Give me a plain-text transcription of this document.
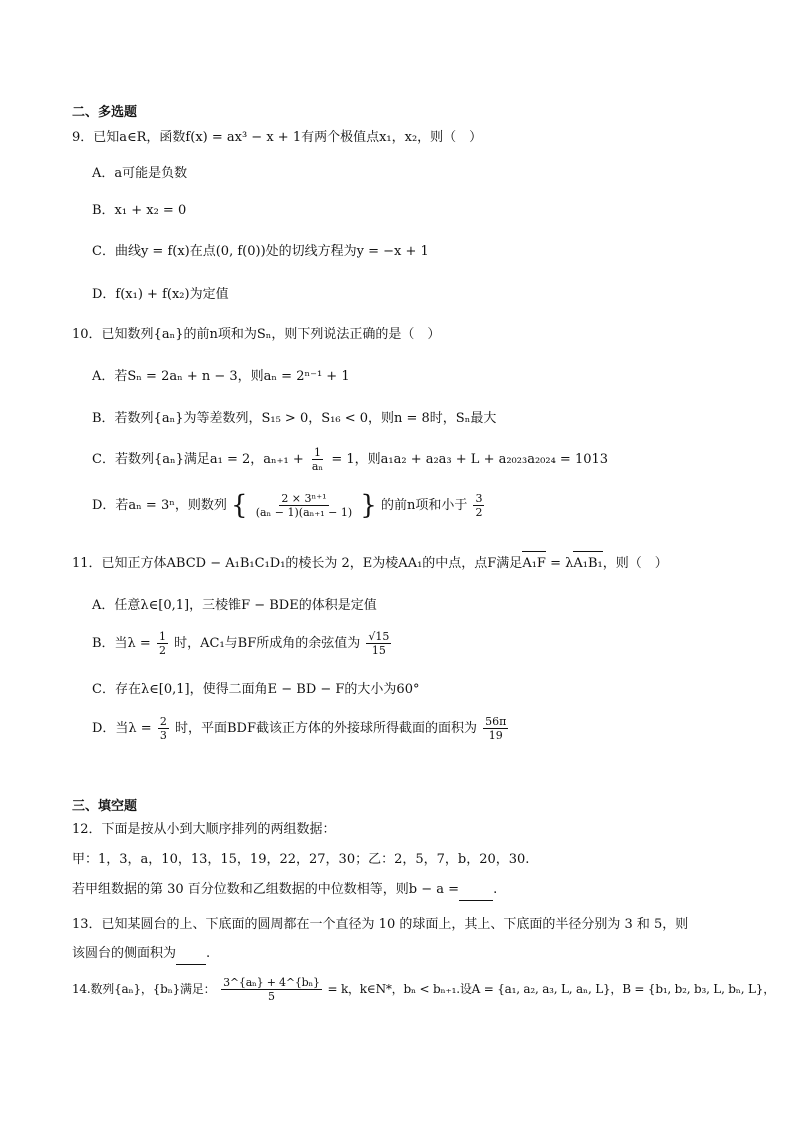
二、多选题
9．已知a∈R，函数f(x) = ax³ − x + 1有两个极值点x₁，x₂，则（　）
A．a可能是负数
B．x₁ + x₂ = 0
C．曲线y = f(x)在点(0, f(0))处的切线方程为y = −x + 1
D．f(x₁) + f(x₂)为定值
10．已知数列{aₙ}的前n项和为Sₙ，则下列说法正确的是（　）
A．若Sₙ = 2aₙ + n − 3，则aₙ = 2ⁿ⁻¹ + 1
B．若数列{aₙ}为等差数列，S₁₅ > 0，S₁₆ < 0，则n = 8时，Sₙ最大
C．若数列{aₙ}满足a₁ = 2，$a_{n+1} + \frac{1}{\text{aₙ}} = 1$，则a₁a₂ + a₂a₃ + L + a₂₀₂₃a₂₀₂₄ = 1013
D．若aₙ = 3ⁿ，则数列 { $\frac{\text{2 × 3ⁿ⁺¹}}{\text{(aₙ − 1)(aₙ₊₁ − 1)}}$ } 的前n项和小于 $\frac{3}{2}$
11．已知正方体ABCD − A₁B₁C₁D₁的棱长为 2，E为棱AA₁的中点，点F满足A₁F = λA₁B₁，则（　）
A．任意λ∈[0,1]，三棱锥F − BDE的体积是定值
B．当$\lambda = \frac{1}{2}$ 时，AC₁与BF所成角的余弦值为 $\frac{√15}{15}$
C．存在λ∈[0,1]，使得二面角E − BD − F的大小为60°
D．当$\lambda = \frac{2}{3}$ 时，平面BDF截该正方体的外接球所得截面的面积为 $\frac{56\pi}{19}$
三、填空题
12．下面是按从小到大顺序排列的两组数据：
甲：1，3，a，10，13，15，19，22，27，30；乙：2，5，7，b，20，30.
若甲组数据的第 30 百分位数和乙组数据的中位数相等，则b − a =	.
13．已知某圆台的上、下底面的圆周都在一个直径为 10 的球面上，其上、下底面的半径分别为 3 和 5，则
该圆台的侧面积为 .
14.数列{aₙ}，{bₙ}满足： $\frac{\text{3\textasciicircum{}\{aₙ\} + 4\textasciicircum{}\{bₙ\}}}{5} = k$，k∈N*，bₙ < bₙ₊₁.设A = {a₁, a₂, a₃, L, aₙ, L}，B = {b₁, b₂, b₃, L, bₙ, L}，
